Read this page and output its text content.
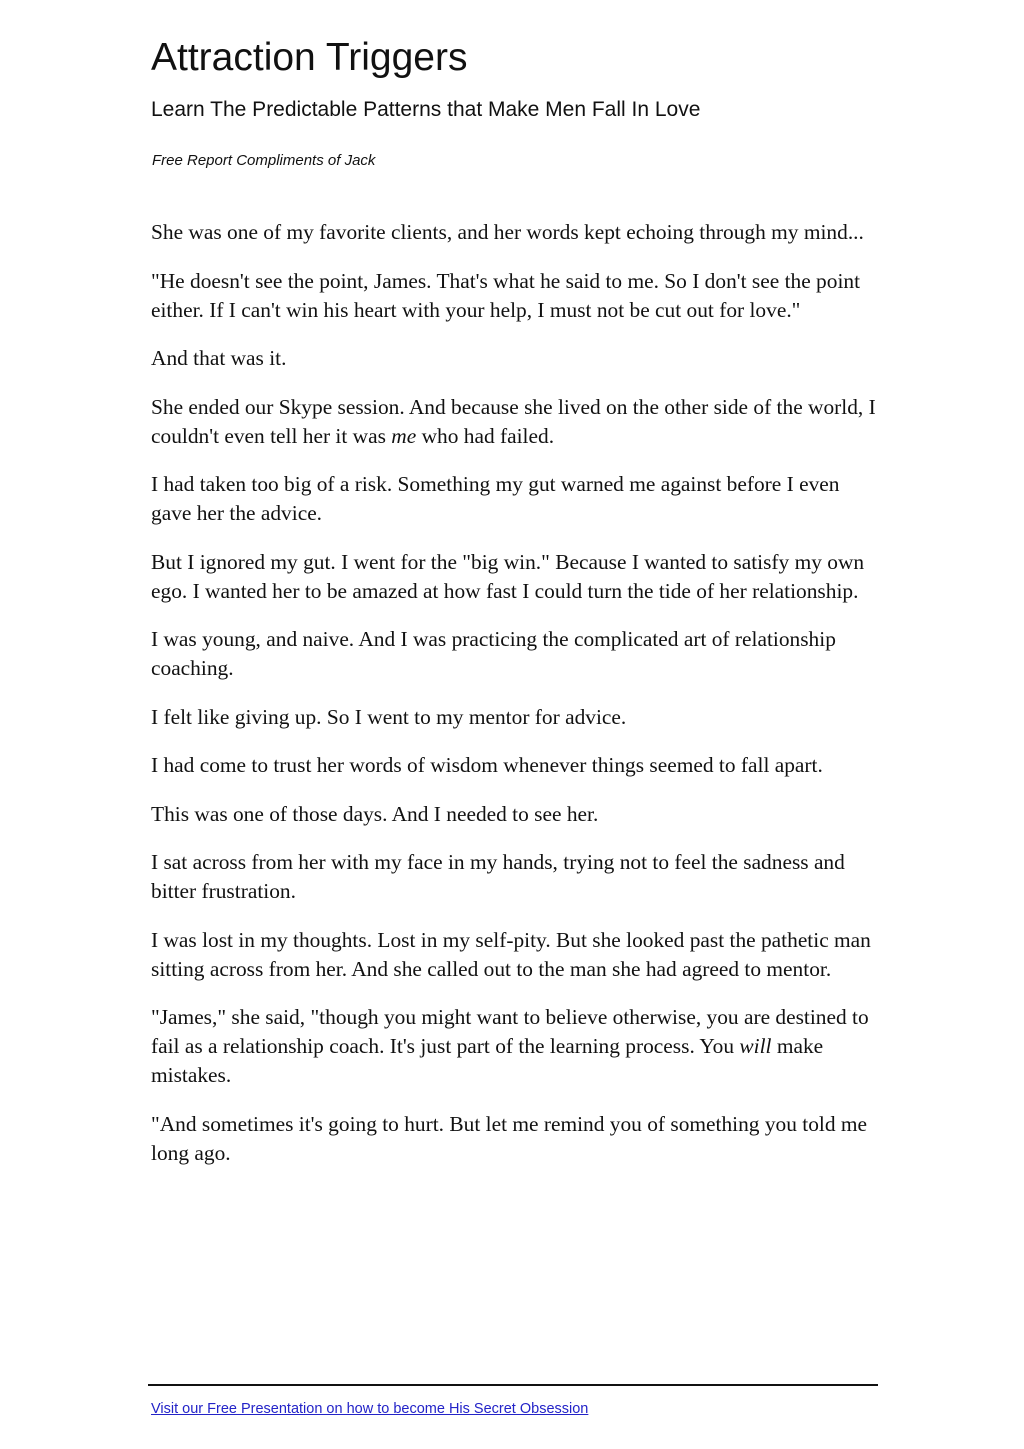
Attraction Triggers
Learn The Predictable Patterns that Make Men Fall In Love
Free Report Compliments of Jack

She was one of my favorite clients, and her words kept echoing through my mind...

"He doesn't see the point, James. That's what he said to me. So I don't see the point either. If I can't win his heart with your help, I must not be cut out for love."

And that was it.

She ended our Skype session. And because she lived on the other side of the world, I couldn't even tell her it was me who had failed.

I had taken too big of a risk. Something my gut warned me against before I even gave her the advice.

But I ignored my gut. I went for the "big win." Because I wanted to satisfy my own ego. I wanted her to be amazed at how fast I could turn the tide of her relationship.

I was young, and naive. And I was practicing the complicated art of relationship coaching.

I felt like giving up. So I went to my mentor for advice.

I had come to trust her words of wisdom whenever things seemed to fall apart.

This was one of those days. And I needed to see her.

I sat across from her with my face in my hands, trying not to feel the sadness and bitter frustration.

I was lost in my thoughts. Lost in my self-pity. But she looked past the pathetic man sitting across from her. And she called out to the man she had agreed to mentor.

"James," she said, "though you might want to believe otherwise, you are destined to fail as a relationship coach. It's just part of the learning process. You will make mistakes.

"And sometimes it's going to hurt. But let me remind you of something you told me long ago.

Visit our Free Presentation on how to become His Secret Obsession
